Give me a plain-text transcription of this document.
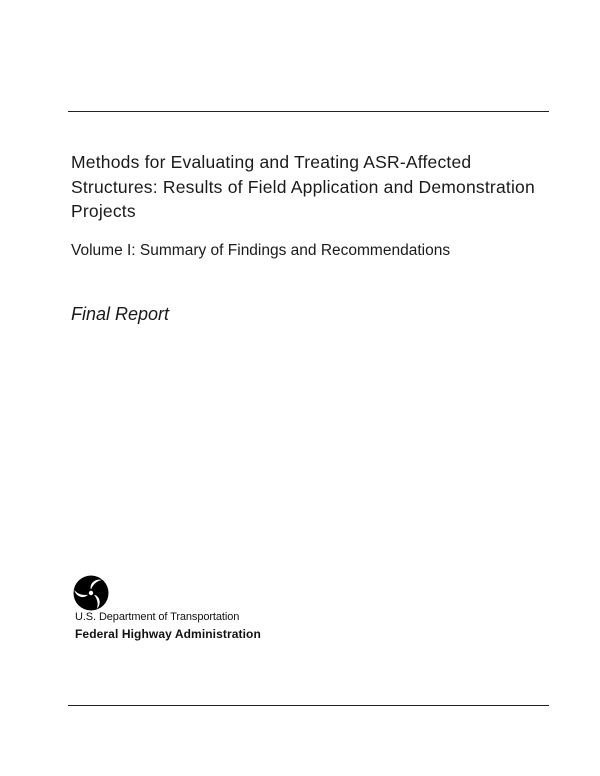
Methods for Evaluating and Treating ASR-Affected Structures: Results of Field Application and Demonstration Projects
Volume I: Summary of Findings and Recommendations
Final Report
U.S. Department of Transportation
Federal Highway Administration
